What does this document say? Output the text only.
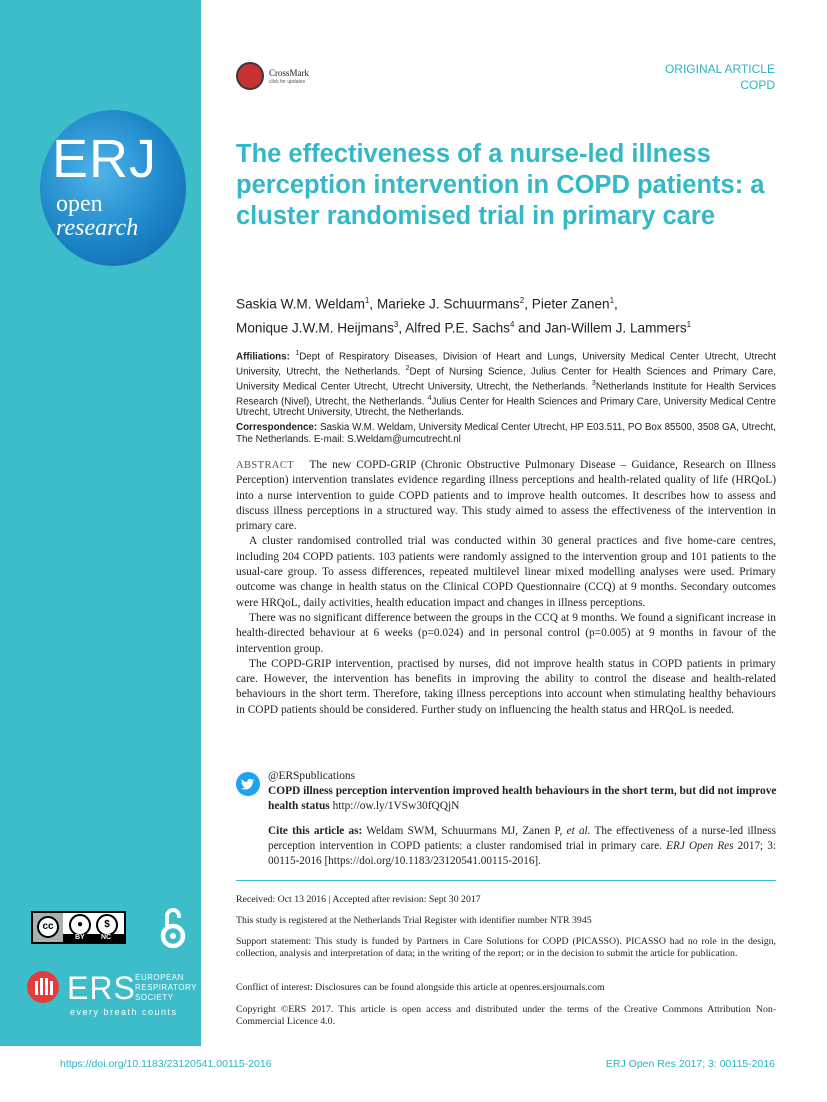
ERJ
open
research
cc	●	$
BY NC
ERS EUROPEAN
RESPIRATORY
SOCIETY
every breath counts
CrossMark
click for updates
ORIGINAL ARTICLE
COPD
The effectiveness of a nurse-led illness perception intervention in COPD patients: a cluster randomised trial in primary care
Saskia W.M. Weldam$^1$, Marieke J. Schuurmans$^2$, Pieter Zanen$^1$,
Monique J.W.M. Heijmans$^3$, Alfred P.E. Sachs$^4$ and Jan-Willem J. Lammers$^1$
Affiliations: $^1$Dept of Respiratory Diseases, Division of Heart and Lungs, University Medical Center Utrecht, Utrecht University, Utrecht, the Netherlands. $^2$Dept of Nursing Science, Julius Center for Health Sciences and Primary Care, University Medical Center Utrecht, Utrecht University, Utrecht, the Netherlands. $^3$Netherlands Institute for Health Services Research (Nivel), Utrecht, the Netherlands. $^4$Julius Center for Health Sciences and Primary Care, University Medical Centre Utrecht, Utrecht University, Utrecht, the Netherlands.
Correspondence: Saskia W.M. Weldam, University Medical Center Utrecht, HP E03.511, PO Box 85500, 3508 GA, Utrecht, The Netherlands. E-mail: S.Weldam@umcutrecht.nl

ABSTRACT The new COPD-GRIP (Chronic Obstructive Pulmonary Disease – Guidance, Research on Illness Perception) intervention translates evidence regarding illness perceptions and health-related quality of life (HRQoL) into a nurse intervention to guide COPD patients and to improve health outcomes. It describes how to assess and discuss illness perceptions in a structured way. This study aimed to assess the effectiveness of the intervention in primary care.

A cluster randomised controlled trial was conducted within 30 general practices and five home-care centres, including 204 COPD patients. 103 patients were randomly assigned to the intervention group and 101 patients to the usual-care group. To assess differences, repeated multilevel linear mixed modelling analyses were used. Primary outcome was change in health status on the Clinical COPD Questionnaire (CCQ) at 9 months. Secondary outcomes were HRQoL, daily activities, health education impact and changes in illness perceptions.

There was no significant difference between the groups in the CCQ at 9 months. We found a significant increase in health-directed behaviour at 6 weeks (p=0.024) and in personal control (p=0.005) at 9 months in favour of the intervention group.

The COPD-GRIP intervention, practised by nurses, did not improve health status in COPD patients in primary care. However, the intervention has benefits in improving the ability to control the disease and health-related behaviours in the short term. Therefore, taking illness perceptions into account when stimulating healthy behaviours in COPD patients should be considered. Further study on influencing the health status and HRQoL is needed.

@ERSpublications
COPD illness perception intervention improved health behaviours in the short term, but did not improve health status http://ow.ly/1VSw30fQQjN
Cite this article as: Weldam SWM, Schuurmans MJ, Zanen P, et al. The effectiveness of a nurse-led illness perception intervention in COPD patients: a cluster randomised trial in primary care. ERJ Open Res 2017; 3: 00115-2016 [https://doi.org/10.1183/23120541.00115-2016].
Received: Oct 13 2016 | Accepted after revision: Sept 30 2017
This study is registered at the Netherlands Trial Register with identifier number NTR 3945
Support statement: This study is funded by Partners in Care Solutions for COPD (PICASSO). PICASSO had no role in the design, collection, analysis and interpretation of data; in the writing of the report; or in the decision to submit the article for publication.
Conflict of interest: Disclosures can be found alongside this article at openres.ersjournals.com
Copyright ©ERS 2017. This article is open access and distributed under the terms of the Creative Commons Attribution Non-Commercial Licence 4.0.
https://doi.org/10.1183/23120541.00115-2016	ERJ Open Res 2017; 3: 00115-2016
